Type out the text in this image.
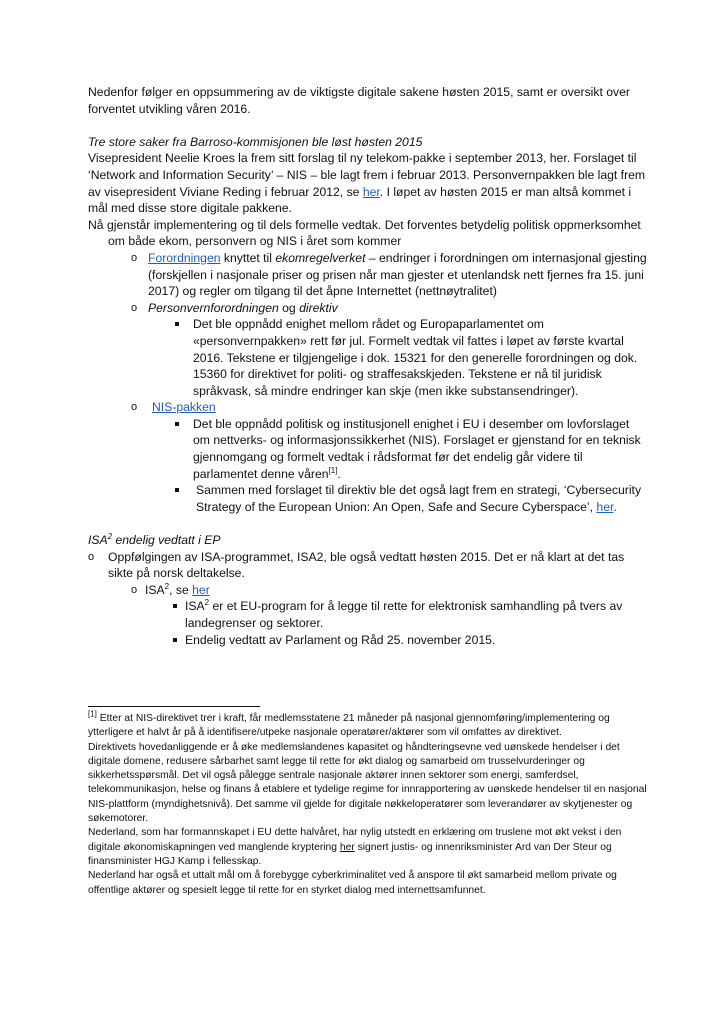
Nedenfor følger en oppsummering av de viktigste digitale sakene høsten 2015, samt er oversikt over forventet utvikling våren 2016.

Tre store saker fra Barroso-kommisjonen ble løst høsten 2015

Visepresident Neelie Kroes la frem sitt forslag til ny telekom-pakke i september 2013, her. Forslaget til ‘Network and Information Security’ – NIS – ble lagt frem i februar 2013. Personvernpakken ble lagt frem av visepresident Viviane Reding i februar 2012, se her. I løpet av høsten 2015 er man altså kommet i mål med disse store digitale pakkene.

Nå gjenstår implementering og til dels formelle vedtak. Det forventes betydelig politisk oppmerksomhet om både ekom, personvern og NIS i året som kommer

o Forordningen knyttet til ekomregelverket – endringer i forordningen om internasjonal gjesting (forskjellen i nasjonale priser og prisen når man gjester et utenlandsk nett fjernes fra 15. juni 2017) og regler om tilgang til det åpne Internettet (nettnøytralitet)

o Personvernforordningen og direktiv

Det ble oppnådd enighet mellom rådet og Europaparlamentet om «personvernpakken» rett før jul. Formelt vedtak vil fattes i løpet av første kvartal 2016. Tekstene er tilgjengelige i dok. 15321 for den generelle forordningen og dok. 15360 for direktivet for politi- og straffesakskjeden. Tekstene er nå til juridisk språkvask, så mindre endringer kan skje (men ikke substansendringer).

o NIS-pakken

Det ble oppnådd politisk og institusjonell enighet i EU i desember om lovforslaget om nettverks- og informasjonssikkerhet (NIS). Forslaget er gjenstand for en teknisk gjennomgang og formelt vedtak i rådsformat før det endelig går videre til parlamentet denne våren[1].

Sammen med forslaget til direktiv ble det også lagt frem en strategi, ‘Cybersecurity Strategy of the European Union: An Open, Safe and Secure Cyberspace’, her.

ISA$^2$ endelig vedtatt i EP

o Oppfølgingen av ISA-programmet, ISA2, ble også vedtatt høsten 2015. Det er nå klart at det tas sikte på norsk deltakelse.

o ISA$^2$, se her

ISA$^2$ er et EU-program for å legge til rette for elektronisk samhandling på tvers av landegrenser og sektorer.

Endelig vedtatt av Parlament og Råd 25. november 2015.

[1] Etter at NIS-direktivet trer i kraft, får medlemsstatene 21 måneder på nasjonal gjennomføring/implementering og ytterligere et halvt år på å identifisere/utpeke nasjonale operatører/aktører som vil omfattes av direktivet.

Direktivets hovedanliggende er å øke medlemslandenes kapasitet og håndteringsevne ved uønskede hendelser i det digitale domene, redusere sårbarhet samt legge til rette for økt dialog og samarbeid om trusselvurderinger og sikkerhetsspørsmål. Det vil også pålegge sentrale nasjonale aktører innen sektorer som energi, samferdsel, telekommunikasjon, helse og finans å etablere et tydelige regime for innrapportering av uønskede hendelser til en nasjonal NIS-plattform (myndighetsnivå). Det samme vil gjelde for digitale nøkkeloperatører som leverandører av skytjenester og søkemotorer.

Nederland, som har formannskapet i EU dette halvåret, har nylig utstedt en erklæring om truslene mot økt vekst i den digitale økonomiskapningen ved manglende kryptering her signert justis- og innenriksminister Ard van Der Steur og finansminister HGJ Kamp i fellesskap.

Nederland har også et uttalt mål om å forebygge cyberkriminalitet ved å anspore til økt samarbeid mellom private og offentlige aktører og spesielt legge til rette for en styrket dialog med internettsamfunnet.
